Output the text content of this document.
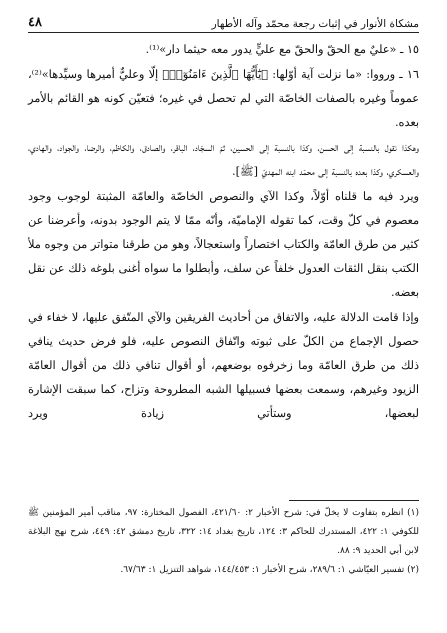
مشكاة الأنوار في إثبات رجعة محمّد وآله الأطهار
٤٨

١٥ ـ «عليٌ مع الحقّ والحقّ مع عليٍّ يدور معه حيثما دار»⁽¹⁾.

١٦ ـ ورووا: «ما نزلت آية أوّلها: ﴿يَٰٓأَيُّهَا ٱلَّذِينَ ءَامَنُوٓا۟﴾ إلّا وعليٌّ أميرها وسيِّدها»⁽²⁾، عموماً وغيره بالصفات الخاصّة التي لم تحصل في غيره؛ فتعيّن كونه هو القائم بالأمر بعده.

وهكذا نقول بالنسبة إلى الحسن، وكذا بالنسبة إلى الحسين، ثمّ السجّاد، الباقر، والصادق، والكاظم، والرضا، والجواد، والهادي، والعسكري، وكذا بعده بالنسبة إلى محمّد ابنه المهديّ [ﷺ].

ويرد فيه ما قلناه أوّلاً، وكذا الآي والنصوص الخاصّة والعامّة المثبتة لوجوب وجود معصوم في كلّ وقت، كما تقوله الإماميّة، وأنّه ممّا لا يتم الوجود بدونه، وأعرضنا عن كثير من طرق العامّة والكتاب اختصاراً واستعجالاً، وهو من طرقنا متواتر من وجوه ملأ الكتب بنقل الثقات العدول خلفاً عن سلف، وأبطلوا ما سواه أغنى بلوغه ذلك عن نقل بعضه.

وإذا قامت الدلالة عليه، والاتفاق من أحاديث الفريقين والآي المتّفق عليها، لا خفاء في حصول الإجماع من الكلّ على ثبوته واتّفاق النصوص عليه، فلو فرض حديث ينافي ذلك من طرق العامّة وما زخرفوه بوضعهم، أو أقوال تنافي ذلك من أقوال العامّة الزيود وغيرهم، وسمعت بعضها فسبيلها الشبه المطروحة وتزاح، كما سبقت الإشارة لبعضها، وستأتي زيادة ويرد

(١) انظره بتفاوت لا يخلّ في: شرح الأخبار ٢: ٤٢١/٦٠، الفصول المختارة: ٩٧، مناقب أمير المؤمنين ﷺ للكوفي ١: ٤٢٢، المستدرك للحاكم ٣: ١٢٤، تاريخ بغداد ١٤: ٣٢٢، تاريخ دمشق ٤٢: ٤٤٩، شرح نهج البلاغة لابن أبي الحديد ٩: ٨٨.

(٢) تفسير العيّاشي ١: ٢٨٩/٦، شرح الأخبار ١: ١٤٤/٤٥٣، شواهد التنزيل ١: ٦٧/٦٣.
